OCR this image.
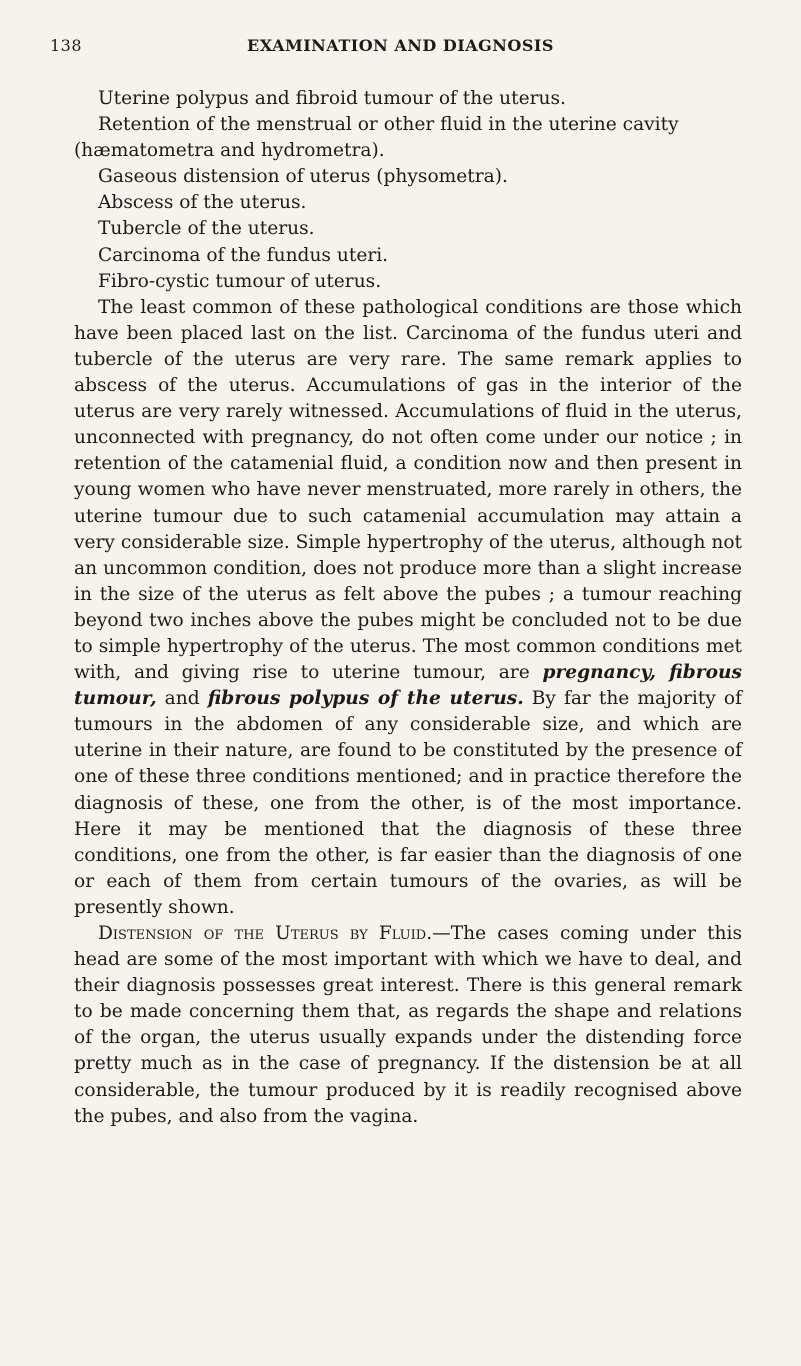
138	EXAMINATION AND DIAGNOSIS

Uterine polypus and fibroid tumour of the uterus.

Retention of the menstrual or other fluid in the uterine cavity (hæmatometra and hydrometra).

Gaseous distension of uterus (physometra).

Abscess of the uterus.

Tubercle of the uterus.

Carcinoma of the fundus uteri.

Fibro-cystic tumour of uterus.

The least common of these pathological conditions are those which have been placed last on the list. Carcinoma of the fundus uteri and tubercle of the uterus are very rare. The same remark applies to abscess of the uterus. Accumulations of gas in the interior of the uterus are very rarely witnessed. Accumulations of fluid in the uterus, unconnected with pregnancy, do not often come under our notice ; in retention of the catamenial fluid, a condition now and then present in young women who have never menstruated, more rarely in others, the uterine tumour due to such catamenial accumulation may attain a very considerable size. Simple hypertrophy of the uterus, although not an uncommon condition, does not produce more than a slight increase in the size of the uterus as felt above the pubes ; a tumour reaching beyond two inches above the pubes might be concluded not to be due to simple hypertrophy of the uterus. The most common conditions met with, and giving rise to uterine tumour, are pregnancy, fibrous tumour, and fibrous polypus of the uterus. By far the majority of tumours in the abdomen of any considerable size, and which are uterine in their nature, are found to be constituted by the presence of one of these three conditions mentioned; and in practice therefore the diagnosis of these, one from the other, is of the most importance. Here it may be mentioned that the diagnosis of these three conditions, one from the other, is far easier than the diagnosis of one or each of them from certain tumours of the ovaries, as will be presently shown.

Distension of the Uterus by Fluid.—The cases coming under this head are some of the most important with which we have to deal, and their diagnosis possesses great interest. There is this general remark to be made concerning them that, as regards the shape and relations of the organ, the uterus usually expands under the distending force pretty much as in the case of pregnancy. If the distension be at all considerable, the tumour produced by it is readily recognised above the pubes, and also from the vagina.
